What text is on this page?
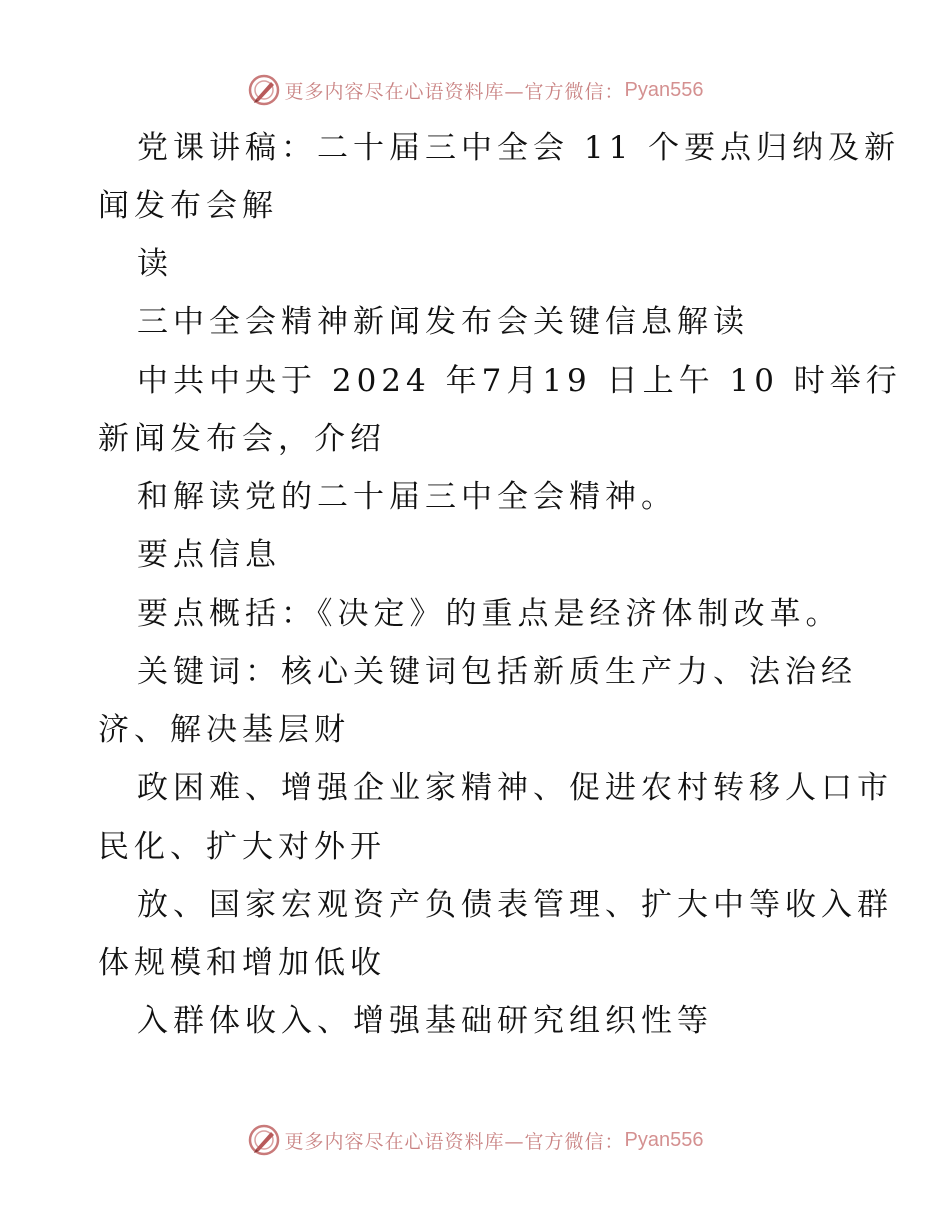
更多内容尽在心语资料库—官方微信： Pyan556
党课讲稿：二十届三中全会 11 个要点归纳及新
闻发布会解
读
三中全会精神新闻发布会关键信息解读
中共中央于 2024 年7月19 日上午 10 时举行
新闻发布会，介绍
和解读党的二十届三中全会精神。
要点信息
要点概括：《决定》的重点是经济体制改革。
关键词：核心关键词包括新质生产力、法治经
济、解决基层财
政困难、增强企业家精神、促进农村转移人口市
民化、扩大对外开
放、国家宏观资产负债表管理、扩大中等收入群
体规模和增加低收
入群体收入、增强基础研究组织性等
更多内容尽在心语资料库—官方微信： Pyan556
